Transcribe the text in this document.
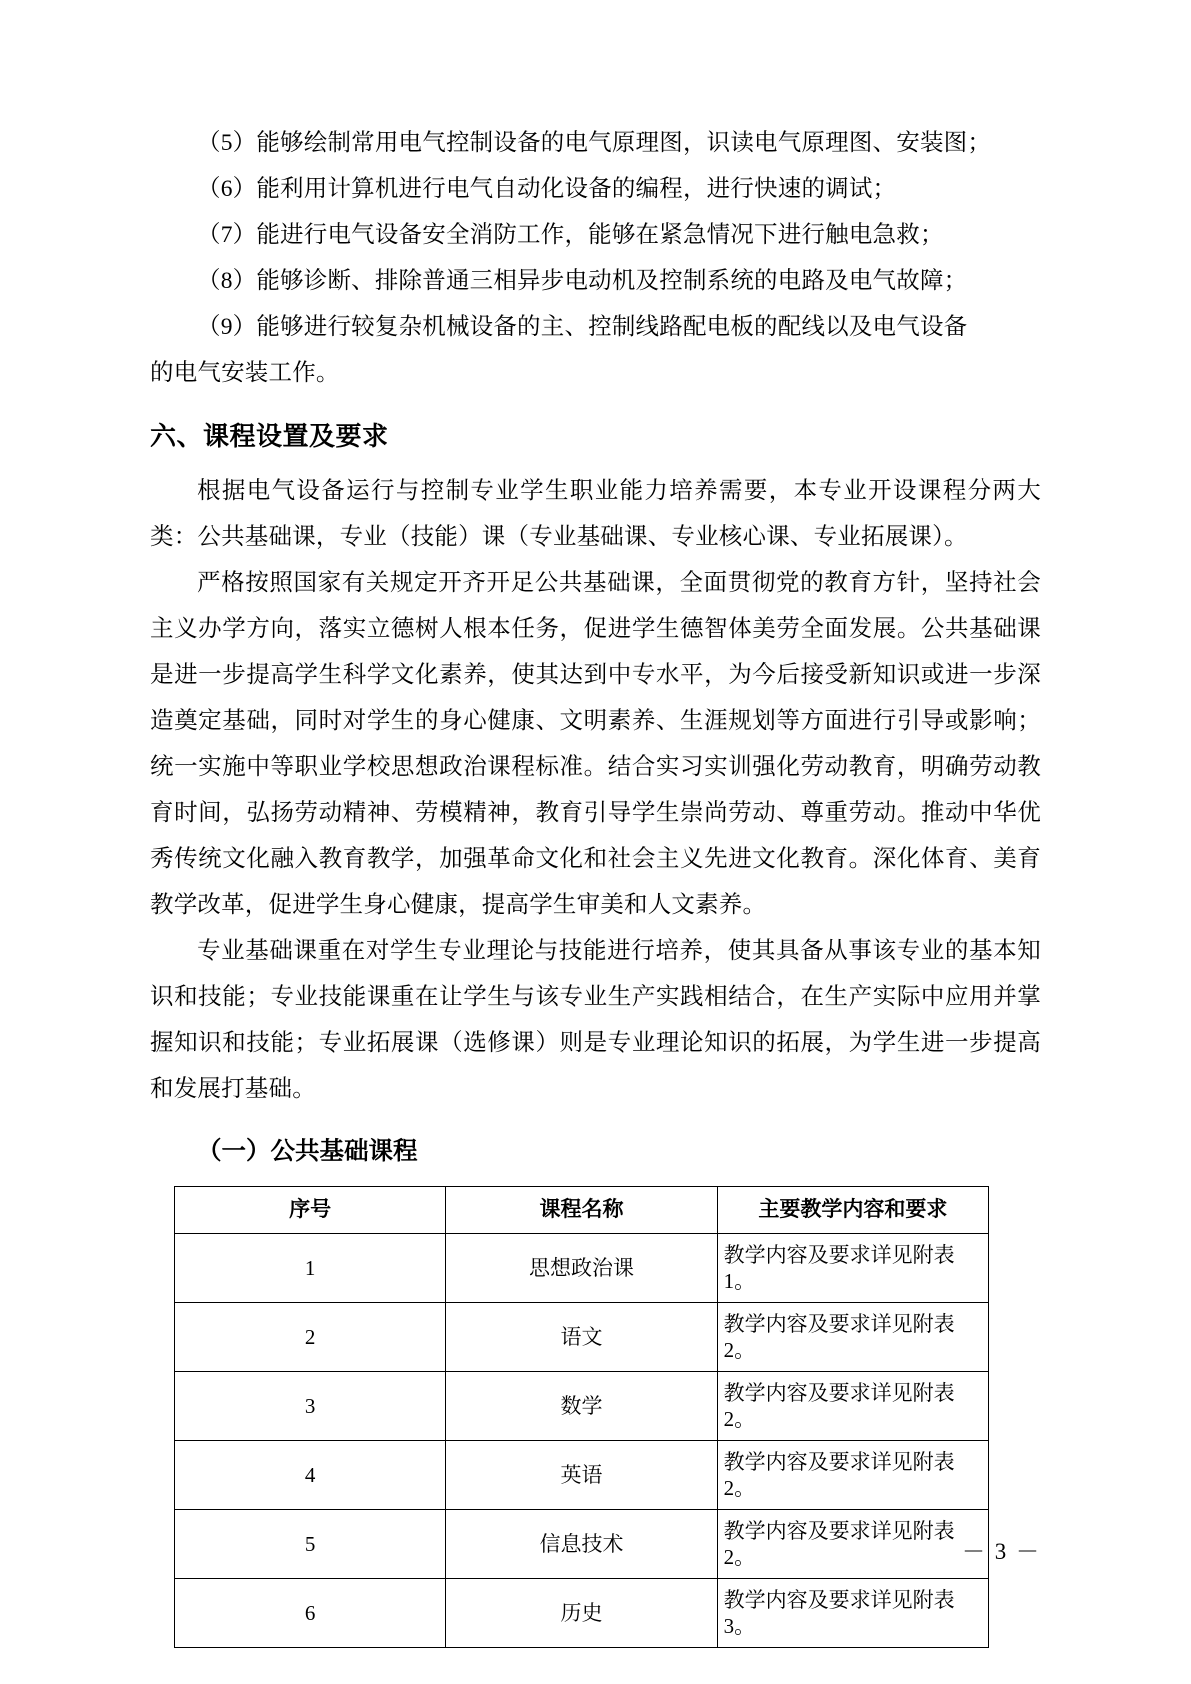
（5）能够绘制常用电气控制设备的电气原理图，识读电气原理图、安装图；

（6）能利用计算机进行电气自动化设备的编程，进行快速的调试；

（7）能进行电气设备安全消防工作，能够在紧急情况下进行触电急救；

（8）能够诊断、排除普通三相异步电动机及控制系统的电路及电气故障；

（9）能够进行较复杂机械设备的主、控制线路配电板的配线以及电气设备

的电气安装工作。

六、课程设置及要求

根据电气设备运行与控制专业学生职业能力培养需要，本专业开设课程分两大类：公共基础课，专业（技能）课（专业基础课、专业核心课、专业拓展课）。

严格按照国家有关规定开齐开足公共基础课，全面贯彻党的教育方针，坚持社会主义办学方向，落实立德树人根本任务，促进学生德智体美劳全面发展。公共基础课是进一步提高学生科学文化素养，使其达到中专水平，为今后接受新知识或进一步深造奠定基础，同时对学生的身心健康、文明素养、生涯规划等方面进行引导或影响；统一实施中等职业学校思想政治课程标准。结合实习实训强化劳动教育，明确劳动教育时间，弘扬劳动精神、劳模精神，教育引导学生崇尚劳动、尊重劳动。推动中华优秀传统文化融入教育教学，加强革命文化和社会主义先进文化教育。深化体育、美育教学改革，促进学生身心健康，提高学生审美和人文素养。

专业基础课重在对学生专业理论与技能进行培养，使其具备从事该专业的基本知识和技能；专业技能课重在让学生与该专业生产实践相结合，在生产实际中应用并掌握知识和技能；专业拓展课（选修课）则是专业理论知识的拓展，为学生进一步提高和发展打基础。

（一）公共基础课程
序号	课程名称	主要教学内容和要求
1	思想政治课	教学内容及要求详见附表 1。
2	语文	教学内容及要求详见附表 2。
3	数学	教学内容及要求详见附表 2。
4	英语	教学内容及要求详见附表 2。
5	信息技术	教学内容及要求详见附表 2。
6	历史	教学内容及要求详见附表 3。
－ 3 －
